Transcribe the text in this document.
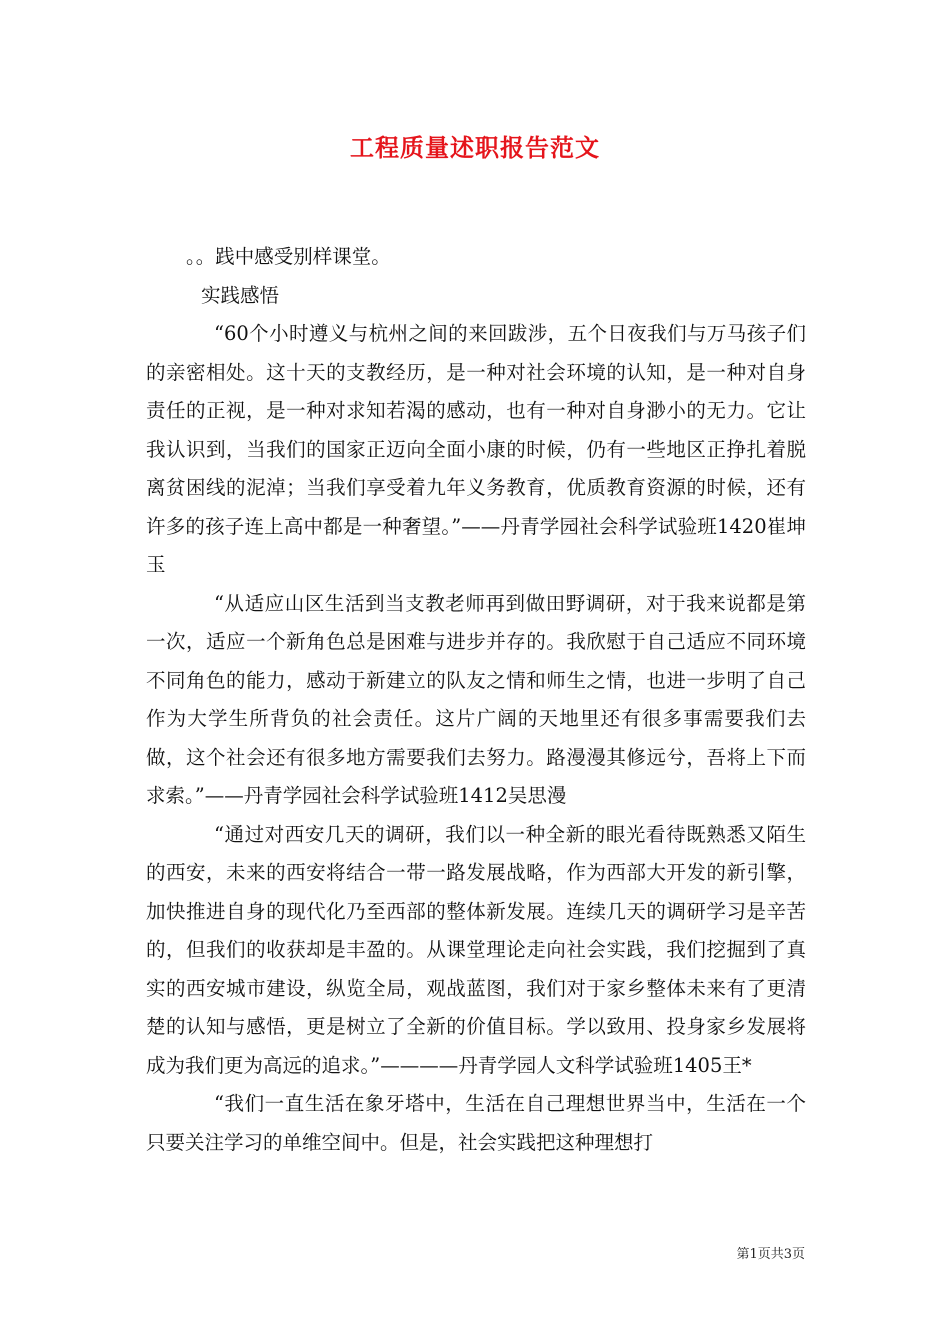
工程质量述职报告范文

。。践中感受别样课堂。

实践感悟

“60个小时遵义与杭州之间的来回跋涉，五个日夜我们与万马孩子们的亲密相处。这十天的支教经历，是一种对社会环境的认知，是一种对自身责任的正视，是一种对求知若渴的感动，也有一种对自身渺小的无力。它让我认识到，当我们的国家正迈向全面小康的时候，仍有一些地区正挣扎着脱离贫困线的泥淖；当我们享受着九年义务教育，优质教育资源的时候，还有许多的孩子连上高中都是一种奢望。”——丹青学园社会科学试验班1420崔坤玉

“从适应山区生活到当支教老师再到做田野调研，对于我来说都是第一次，适应一个新角色总是困难与进步并存的。我欣慰于自己适应不同环境不同角色的能力，感动于新建立的队友之情和师生之情，也进一步明了自己作为大学生所背负的社会责任。这片广阔的天地里还有很多事需要我们去做，这个社会还有很多地方需要我们去努力。路漫漫其修远兮，吾将上下而求索。”——丹青学园社会科学试验班1412吴思漫

“通过对西安几天的调研，我们以一种全新的眼光看待既熟悉又陌生的西安，未来的西安将结合一带一路发展战略，作为西部大开发的新引擎，加快推进自身的现代化乃至西部的整体新发展。连续几天的调研学习是辛苦的，但我们的收获却是丰盈的。从课堂理论走向社会实践，我们挖掘到了真实的西安城市建设，纵览全局，观战蓝图，我们对于家乡整体未来有了更清楚的认知与感悟，更是树立了全新的价值目标。学以致用、投身家乡发展将成为我们更为高远的追求。”————丹青学园人文科学试验班1405王*

“我们一直生活在象牙塔中，生活在自己理想世界当中，生活在一个只要关注学习的单维空间中。但是，社会实践把这种理想打

第1页共3页
